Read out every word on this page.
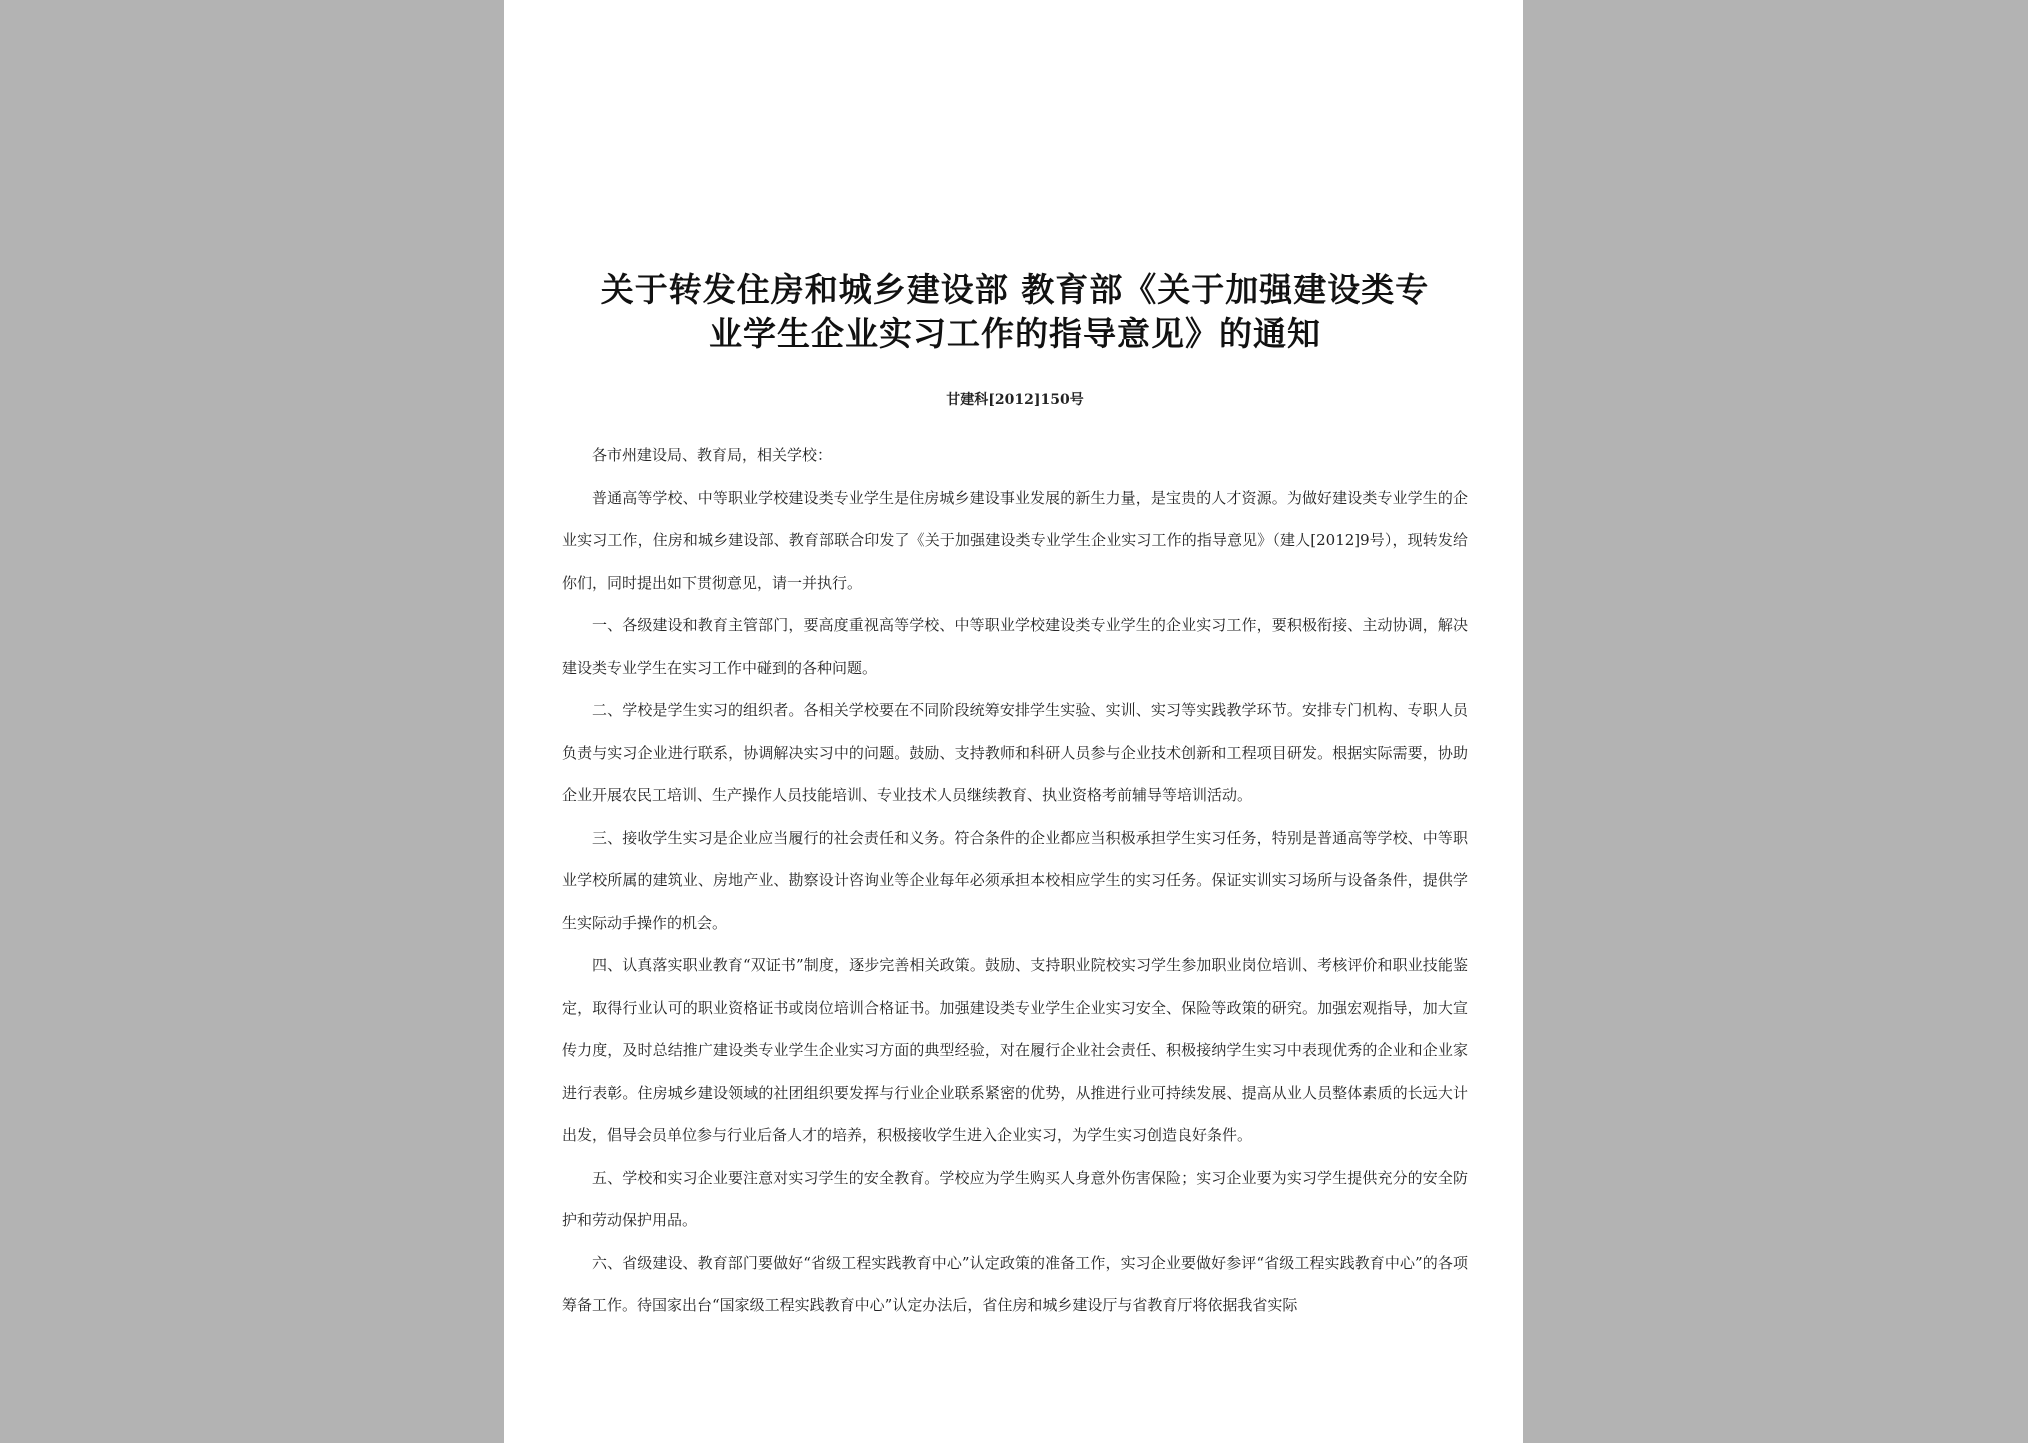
关于转发住房和城乡建设部 教育部《关于加强建设类专
业学生企业实习工作的指导意见》的通知

甘建科[2012]150号

各市州建设局、教育局，相关学校：

普通高等学校、中等职业学校建设类专业学生是住房城乡建设事业发展的新生力量，是宝贵的人才资源。为做好建设类专业学生的企业实习工作，住房和城乡建设部、教育部联合印发了《关于加强建设类专业学生企业实习工作的指导意见》（建人[2012]9号），现转发给你们，同时提出如下贯彻意见，请一并执行。

一、各级建设和教育主管部门，要高度重视高等学校、中等职业学校建设类专业学生的企业实习工作，要积极衔接、主动协调，解决建设类专业学生在实习工作中碰到的各种问题。

二、学校是学生实习的组织者。各相关学校要在不同阶段统筹安排学生实验、实训、实习等实践教学环节。安排专门机构、专职人员负责与实习企业进行联系，协调解决实习中的问题。鼓励、支持教师和科研人员参与企业技术创新和工程项目研发。根据实际需要，协助企业开展农民工培训、生产操作人员技能培训、专业技术人员继续教育、执业资格考前辅导等培训活动。

三、接收学生实习是企业应当履行的社会责任和义务。符合条件的企业都应当积极承担学生实习任务，特别是普通高等学校、中等职业学校所属的建筑业、房地产业、勘察设计咨询业等企业每年必须承担本校相应学生的实习任务。保证实训实习场所与设备条件，提供学生实际动手操作的机会。

四、认真落实职业教育“双证书”制度，逐步完善相关政策。鼓励、支持职业院校实习学生参加职业岗位培训、考核评价和职业技能鉴定，取得行业认可的职业资格证书或岗位培训合格证书。加强建设类专业学生企业实习安全、保险等政策的研究。加强宏观指导，加大宣传力度，及时总结推广建设类专业学生企业实习方面的典型经验，对在履行企业社会责任、积极接纳学生实习中表现优秀的企业和企业家进行表彰。住房城乡建设领域的社团组织要发挥与行业企业联系紧密的优势，从推进行业可持续发展、提高从业人员整体素质的长远大计出发，倡导会员单位参与行业后备人才的培养，积极接收学生进入企业实习，为学生实习创造良好条件。

五、学校和实习企业要注意对实习学生的安全教育。学校应为学生购买人身意外伤害保险；实习企业要为实习学生提供充分的安全防护和劳动保护用品。

六、省级建设、教育部门要做好“省级工程实践教育中心”认定政策的准备工作，实习企业要做好参评“省级工程实践教育中心”的各项筹备工作。待国家出台“国家级工程实践教育中心”认定办法后，省住房和城乡建设厅与省教育厅将依据我省实际
